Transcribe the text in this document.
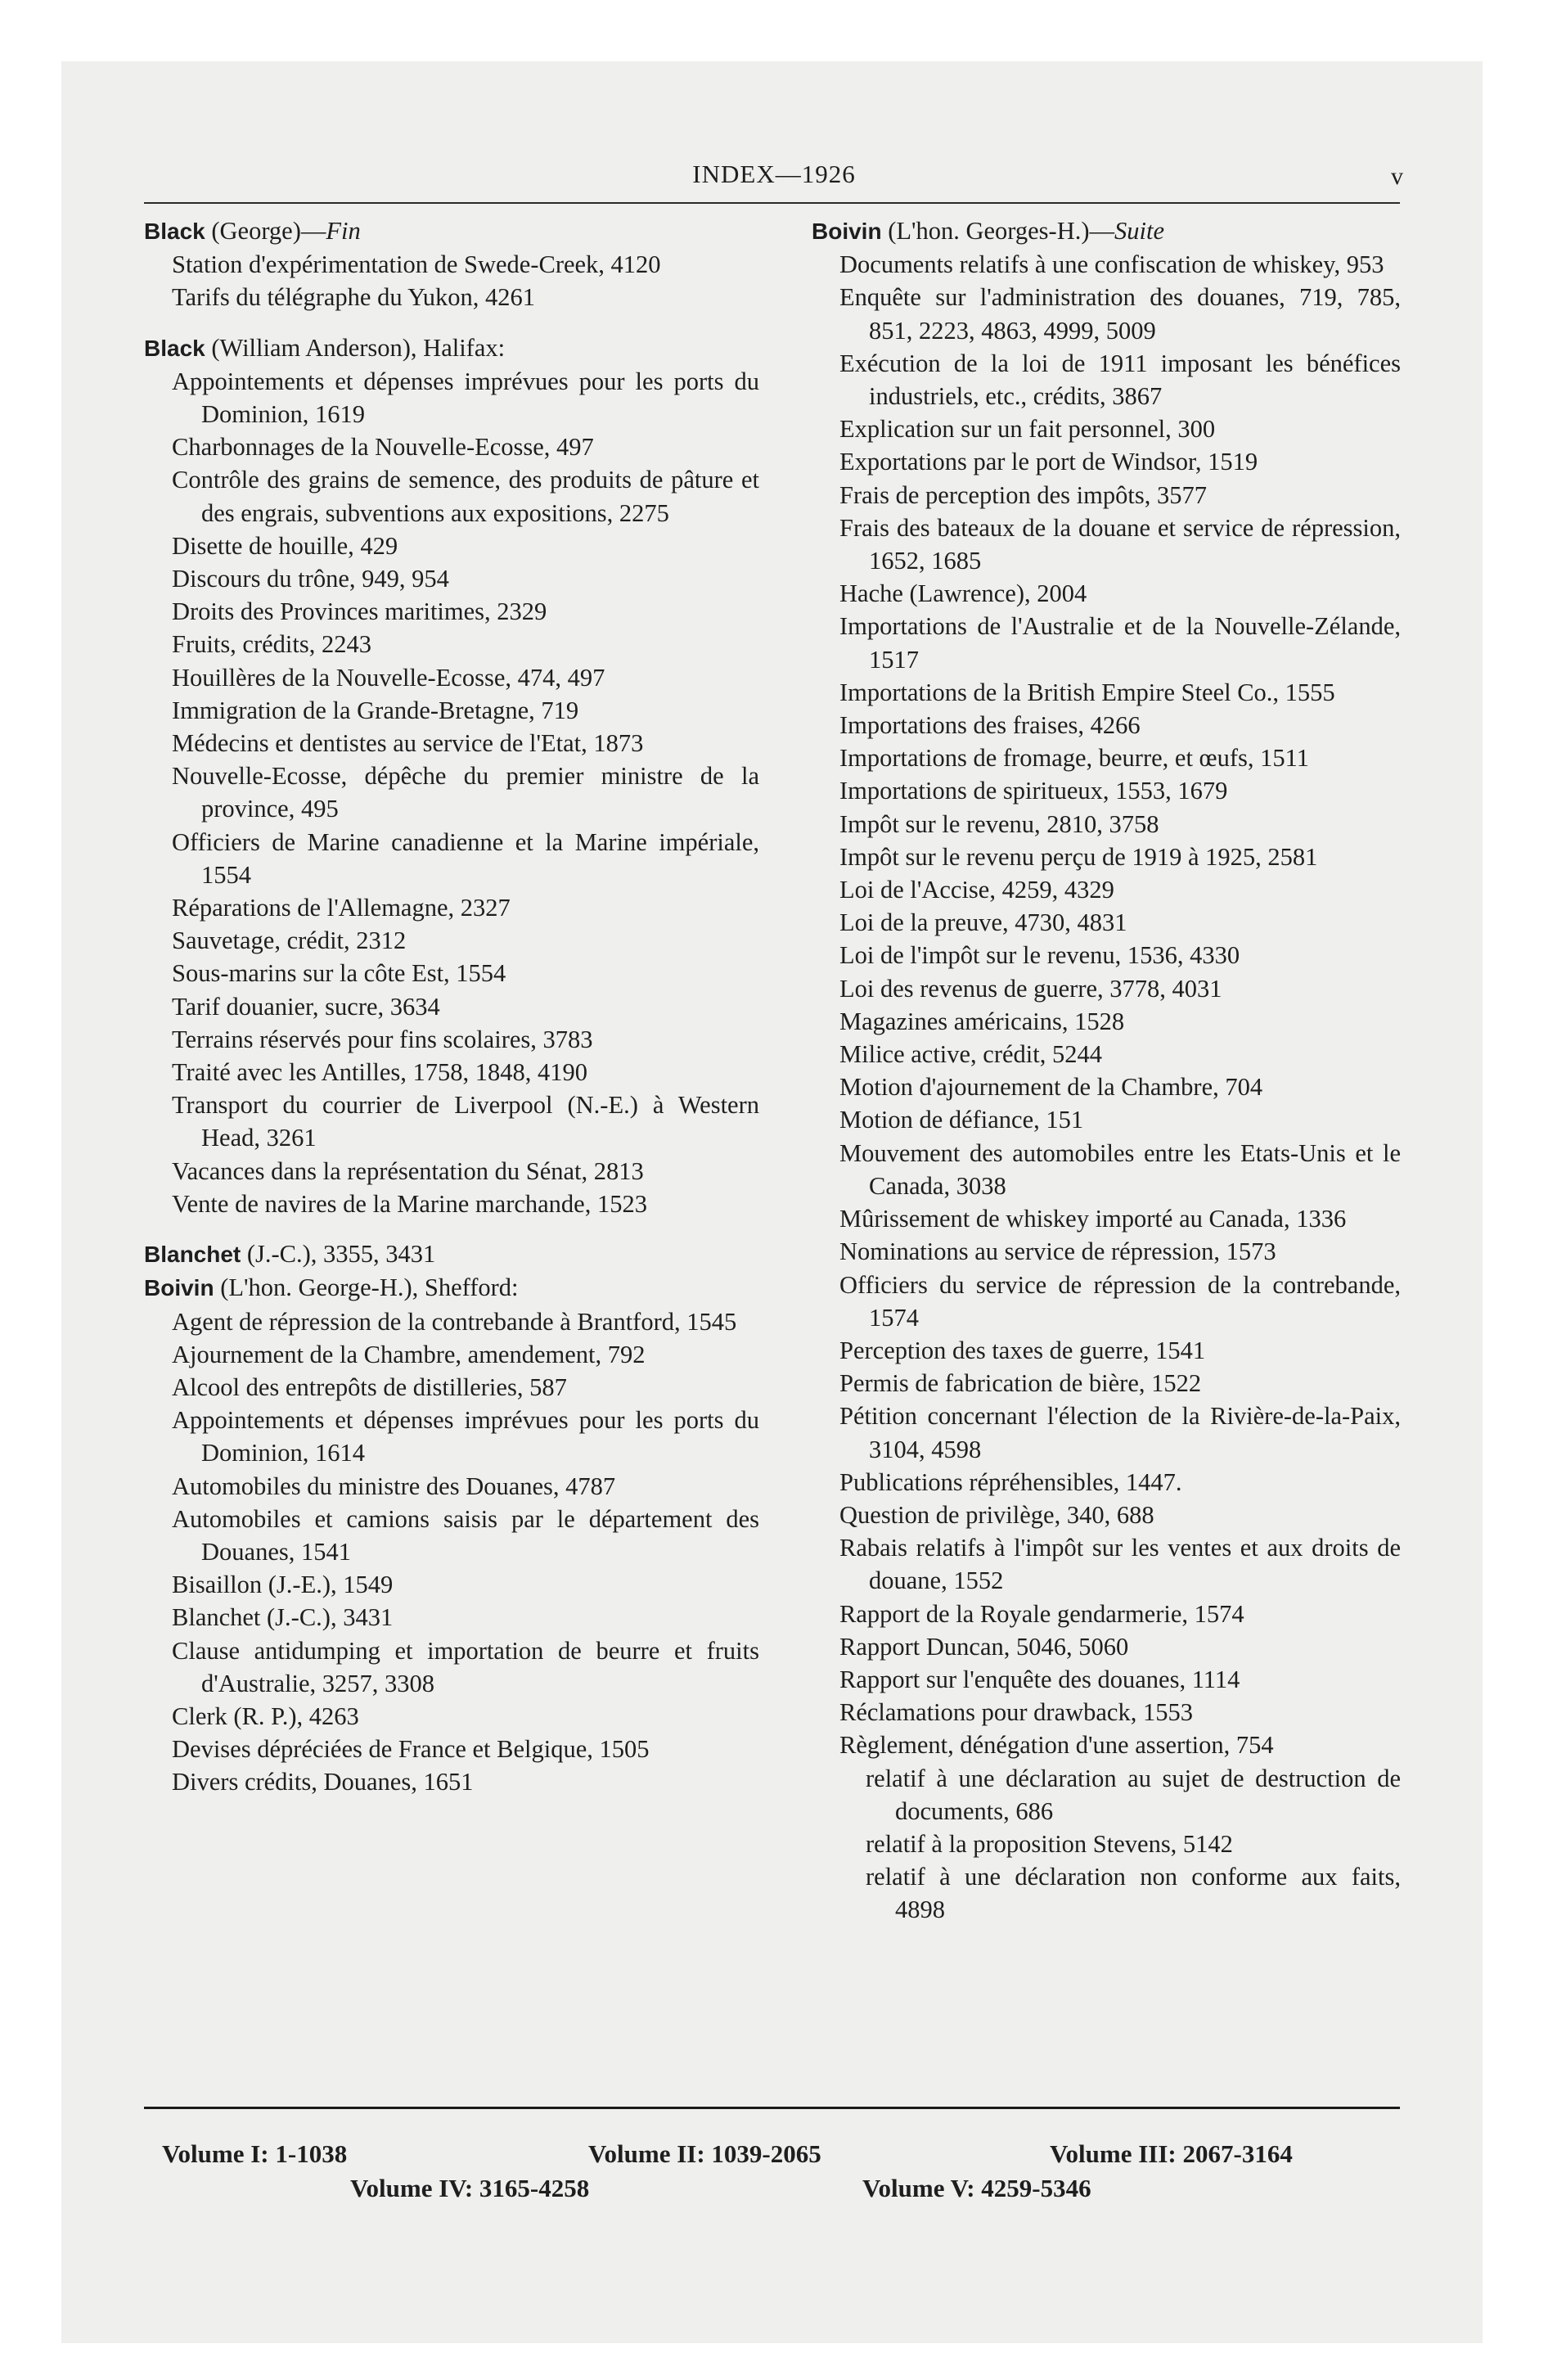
INDEX—1926	v
Black (George)—Fin
Station d'expérimentation de Swede-Creek, 4120
Tarifs du télégraphe du Yukon, 4261
Black (William Anderson), Halifax:
Appointements et dépenses imprévues pour les ports du Dominion, 1619
Charbonnages de la Nouvelle-Ecosse, 497
Contrôle des grains de semence, des produits de pâture et des engrais, subventions aux expositions, 2275
Disette de houille, 429
Discours du trône, 949, 954
Droits des Provinces maritimes, 2329
Fruits, crédits, 2243
Houillères de la Nouvelle-Ecosse, 474, 497
Immigration de la Grande-Bretagne, 719
Médecins et dentistes au service de l'Etat, 1873
Nouvelle-Ecosse, dépêche du premier ministre de la province, 495
Officiers de Marine canadienne et la Marine impériale, 1554
Réparations de l'Allemagne, 2327
Sauvetage, crédit, 2312
Sous-marins sur la côte Est, 1554
Tarif douanier, sucre, 3634
Terrains réservés pour fins scolaires, 3783
Traité avec les Antilles, 1758, 1848, 4190
Transport du courrier de Liverpool (N.-E.) à Western Head, 3261
Vacances dans la représentation du Sénat, 2813
Vente de navires de la Marine marchande, 1523
Blanchet (J.-C.), 3355, 3431
Boivin (L'hon. George-H.), Shefford:
Agent de répression de la contrebande à Brantford, 1545
Ajournement de la Chambre, amendement, 792
Alcool des entrepôts de distilleries, 587
Appointements et dépenses imprévues pour les ports du Dominion, 1614
Automobiles du ministre des Douanes, 4787
Automobiles et camions saisis par le département des Douanes, 1541
Bisaillon (J.-E.), 1549
Blanchet (J.-C.), 3431
Clause antidumping et importation de beurre et fruits d'Australie, 3257, 3308
Clerk (R. P.), 4263
Devises dépréciées de France et Belgique, 1505
Divers crédits, Douanes, 1651
Boivin (L'hon. Georges-H.)—Suite
Documents relatifs à une confiscation de whiskey, 953
Enquête sur l'administration des douanes, 719, 785, 851, 2223, 4863, 4999, 5009
Exécution de la loi de 1911 imposant les bénéfices industriels, etc., crédits, 3867
Explication sur un fait personnel, 300
Exportations par le port de Windsor, 1519
Frais de perception des impôts, 3577
Frais des bateaux de la douane et service de répression, 1652, 1685
Hache (Lawrence), 2004
Importations de l'Australie et de la Nouvelle-Zélande, 1517
Importations de la British Empire Steel Co., 1555
Importations des fraises, 4266
Importations de fromage, beurre, et œufs, 1511
Importations de spiritueux, 1553, 1679
Impôt sur le revenu, 2810, 3758
Impôt sur le revenu perçu de 1919 à 1925, 2581
Loi de l'Accise, 4259, 4329
Loi de la preuve, 4730, 4831
Loi de l'impôt sur le revenu, 1536, 4330
Loi des revenus de guerre, 3778, 4031
Magazines américains, 1528
Milice active, crédit, 5244
Motion d'ajournement de la Chambre, 704
Motion de défiance, 151
Mouvement des automobiles entre les Etats-Unis et le Canada, 3038
Mûrissement de whiskey importé au Canada, 1336
Nominations au service de répression, 1573
Officiers du service de répression de la contrebande, 1574
Perception des taxes de guerre, 1541
Permis de fabrication de bière, 1522
Pétition concernant l'élection de la Rivière-de-la-Paix, 3104, 4598
Publications répréhensibles, 1447.
Question de privilège, 340, 688
Rabais relatifs à l'impôt sur les ventes et aux droits de douane, 1552
Rapport de la Royale gendarmerie, 1574
Rapport Duncan, 5046, 5060
Rapport sur l'enquête des douanes, 1114
Réclamations pour drawback, 1553
Règlement, dénégation d'une assertion, 754
relatif à une déclaration au sujet de destruction de documents, 686
relatif à la proposition Stevens, 5142
relatif à une déclaration non conforme aux faits, 4898
Volume I: 1-1038	Volume II: 1039-2065	Volume III: 2067-3164
Volume IV: 3165-4258	Volume V: 4259-5346
